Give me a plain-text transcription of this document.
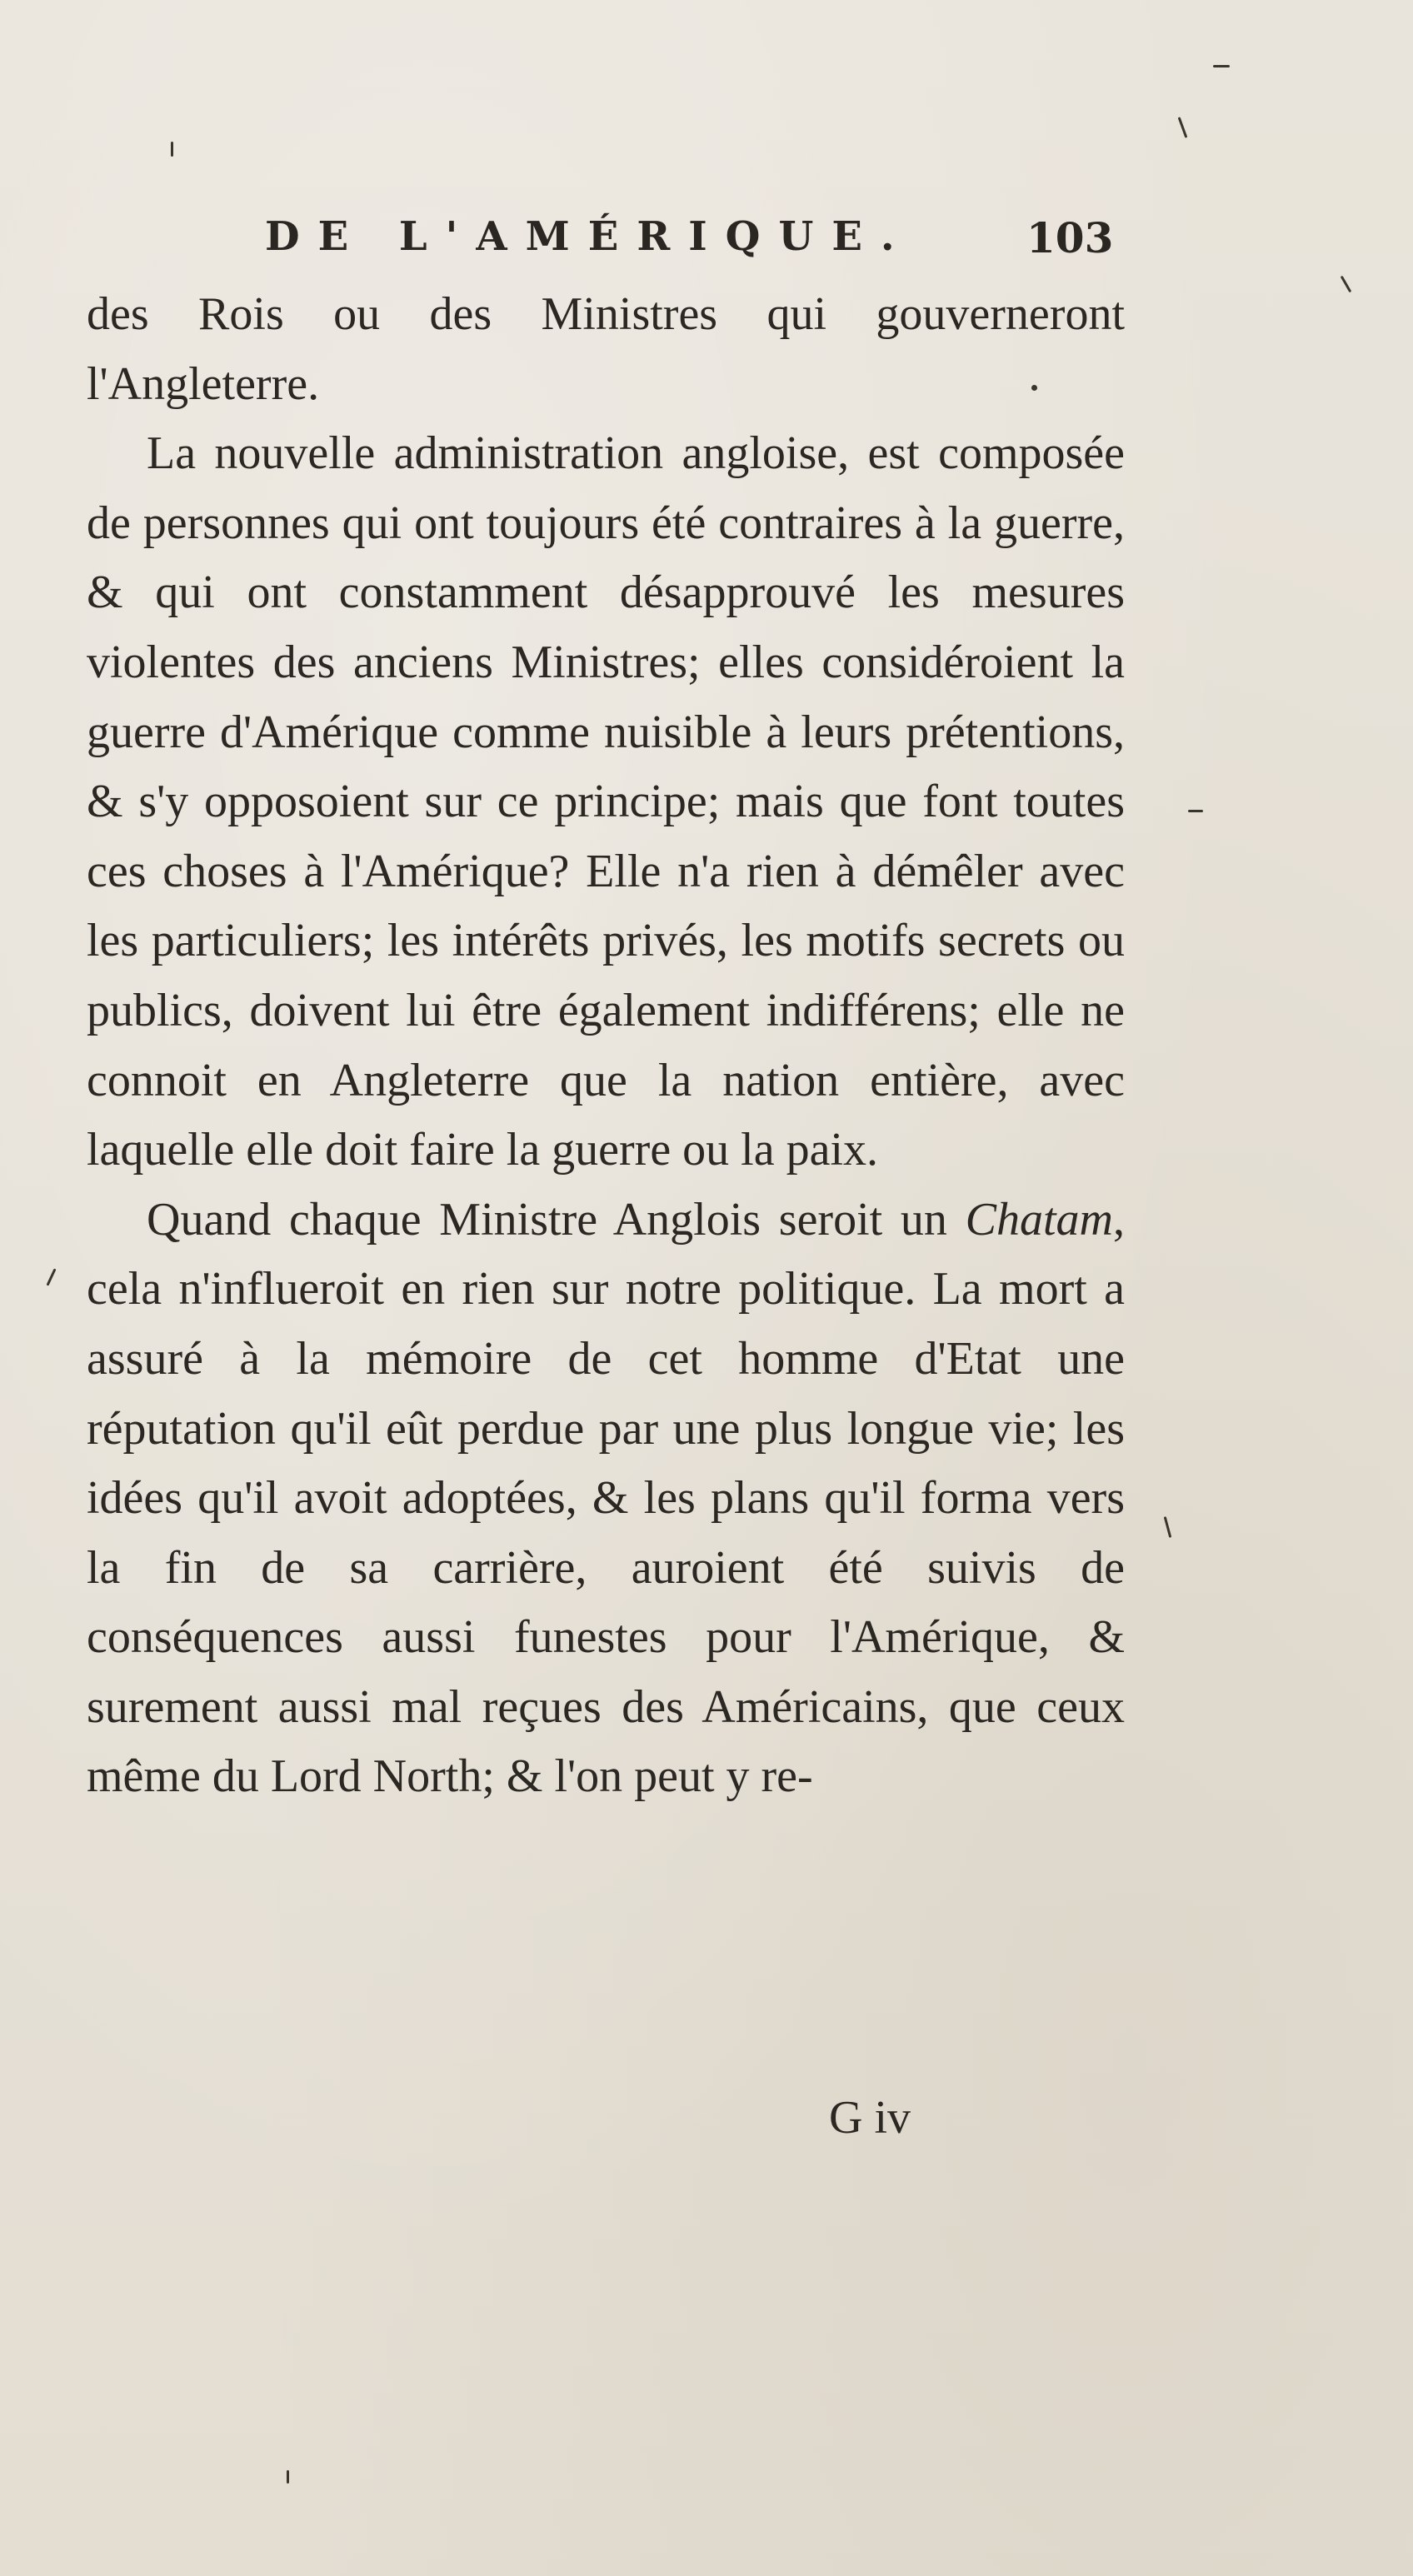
DE L'AMÉRIQUE.	103

des Rois ou des Ministres qui gouverneront l'Angleterre.

La nouvelle administration angloise, est composée de personnes qui ont toujours été contraires à la guerre, & qui ont constamment désapprouvé les mesures violentes des anciens Ministres; elles considéroient la guerre d'Amérique comme nuisible à leurs prétentions, & s'y opposoient sur ce principe; mais que font toutes ces choses à l'Amérique? Elle n'a rien à démêler avec les particuliers; les intérêts privés, les motifs secrets ou publics, doivent lui être également indifférens; elle ne connoit en Angleterre que la nation entière, avec laquelle elle doit faire la guerre ou la paix.

Quand chaque Ministre Anglois seroit un Chatam, cela n'influeroit en rien sur notre politique. La mort a assuré à la mémoire de cet homme d'Etat une réputation qu'il eût perdue par une plus longue vie; les idées qu'il avoit adoptées, & les plans qu'il forma vers la fin de sa carrière, auroient été suivis de conséquences aussi funestes pour l'Amérique, & surement aussi mal reçues des Américains, que ceux même du Lord North; & l'on peut y re-

G iv
